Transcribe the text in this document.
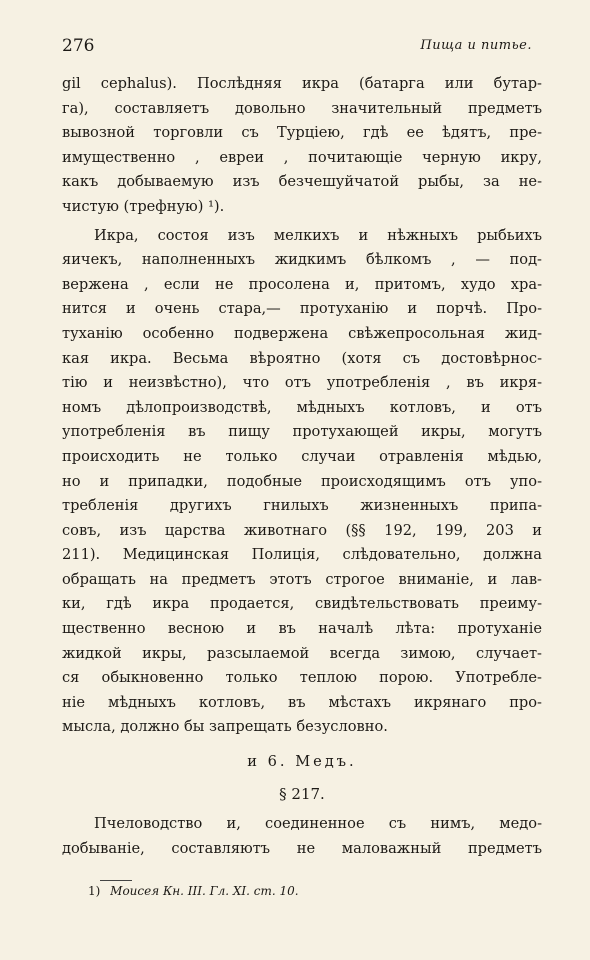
276	Пища и питье.
gil cephalus). Послѣдняя икра (батарга или бутар-
га), составляетъ довольно значительный предметъ
вывозной торговли съ Турціею, гдѣ ее ѣдятъ, пре-
имущественно , евреи , почитающіе черную икру,
какъ добываемую изъ безчешуйчатой рыбы, за не-
чистую (трефную) ¹).
Икра, состоя изъ мелкихъ и нѣжныхъ рыбьихъ
яичекъ, наполненныхъ жидкимъ бѣлкомъ , — под-
вержена , если не просолена и, притомъ, худо хра-
нится и очень стара,— протуханію и порчѣ. Про-
туханію особенно подвержена свѣжепросольная жид-
кая икра. Весьма вѣроятно (хотя съ достовѣрнос-
тію и неизвѣстно), что отъ употребленія , въ икря-
номъ дѣлопроизводствѣ, мѣдныхъ котловъ, и отъ
употребленія въ пищу протухающей икры, могутъ
происходить не только случаи отравленія мѣдью,
но и припадки, подобные происходящимъ отъ упо-
требленія другихъ гнилыхъ жизненныхъ припа-
совъ, изъ царства животнаго (§§ 192, 199, 203 и
211). Медицинская Полиція, слѣдовательно, должна
обращать на предметъ этотъ строгое вниманіе, и лав-
ки, гдѣ икра продается, свидѣтельствовать преиму-
щественно весною и въ началѣ лѣта: протуханіе
жидкой икры, разсылаемой всегда зимою, случает-
ся обыкновенно только теплою порою. Употребле-
ніе мѣдныхъ котловъ, въ мѣстахъ икрянаго про-
мысла, должно бы запрещать безусловно.
и 6. Медъ.
§ 217.
Пчеловодство и, соединенное съ нимъ, медо-
добываніе, составляютъ не маловажный предметъ
1) Моисея Кн. III. Гл. XI. ст. 10.
